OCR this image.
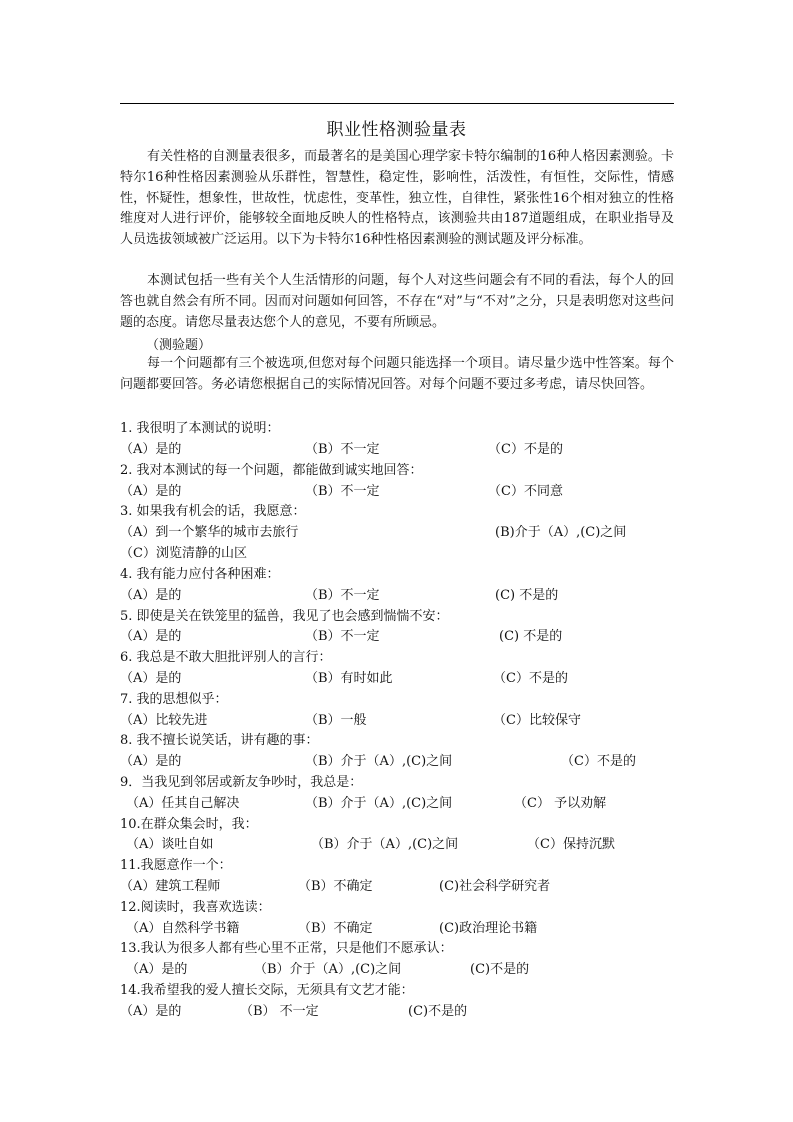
职业性格测验量表

有关性格的自测量表很多，而最著名的是美国心理学家卡特尔编制的16种人格因素测验。卡特尔16种性格因素测验从乐群性，智慧性，稳定性，影响性，活泼性，有恒性，交际性，情感性，怀疑性，想象性，世故性，忧虑性，变革性，独立性，自律性，紧张性16个相对独立的性格维度对人进行评价，能够较全面地反映人的性格特点，该测验共由187道题组成，在职业指导及人员选拔领域被广泛运用。以下为卡特尔16种性格因素测验的测试题及评分标准。

本测试包括一些有关个人生活情形的问题，每个人对这些问题会有不同的看法，每个人的回答也就自然会有所不同。因而对问题如何回答，不存在“对”与“不对”之分，只是表明您对这些问题的态度。请您尽量表达您个人的意见，不要有所顾忌。

（测验题）

每一个问题都有三个被选项,但您对每个问题只能选择一个项目。请尽量少选中性答案。每个问题都要回答。务必请您根据自己的实际情况回答。对每个问题不要过多考虑，请尽快回答。

1. 我很明了本测试的说明：

（A）是的	（B）不一定	（C）不是的

2. 我对本测试的每一个问题，都能做到诚实地回答：

（A）是的	（B）不一定	（C）不同意

3. 如果我有机会的话，我愿意：

（A）到一个繁华的城市去旅行	(B)介于（A）,(C)之间

（C）浏览清静的山区

4. 我有能力应付各种困难：

（A）是的	（B）不一定	(C) 不是的

5. 即使是关在铁笼里的猛兽，我见了也会感到惴惴不安：

（A）是的	（B）不一定	(C) 不是的

6. 我总是不敢大胆批评别人的言行：

（A）是的	（B）有时如此	（C）不是的

7. 我的思想似乎：

（A）比较先进	（B）一般	（C）比较保守

8. 我不擅长说笑话，讲有趣的事：

（A）是的	（B）介于（A）,(C)之间	（C）不是的

9．当我见到邻居或新友争吵时，我总是：

（A）任其自己解决	（B）介于（A）,(C)之间	（C） 予以劝解

10.在群众集会时，我：

（A）谈吐自如	（B）介于（A）,(C)之间	（C）保持沉默

11.我愿意作一个：

（A）建筑工程师	（B）不确定	(C)社会科学研究者

12.阅读时，我喜欢选读：

（A）自然科学书籍	（B）不确定	(C)政治理论书籍

13.我认为很多人都有些心里不正常，只是他们不愿承认：

（A）是的	（B）介于（A）,(C)之间	(C)不是的

14.我希望我的爱人擅长交际，无须具有文艺才能：

（A）是的	（B） 不一定	(C)不是的
